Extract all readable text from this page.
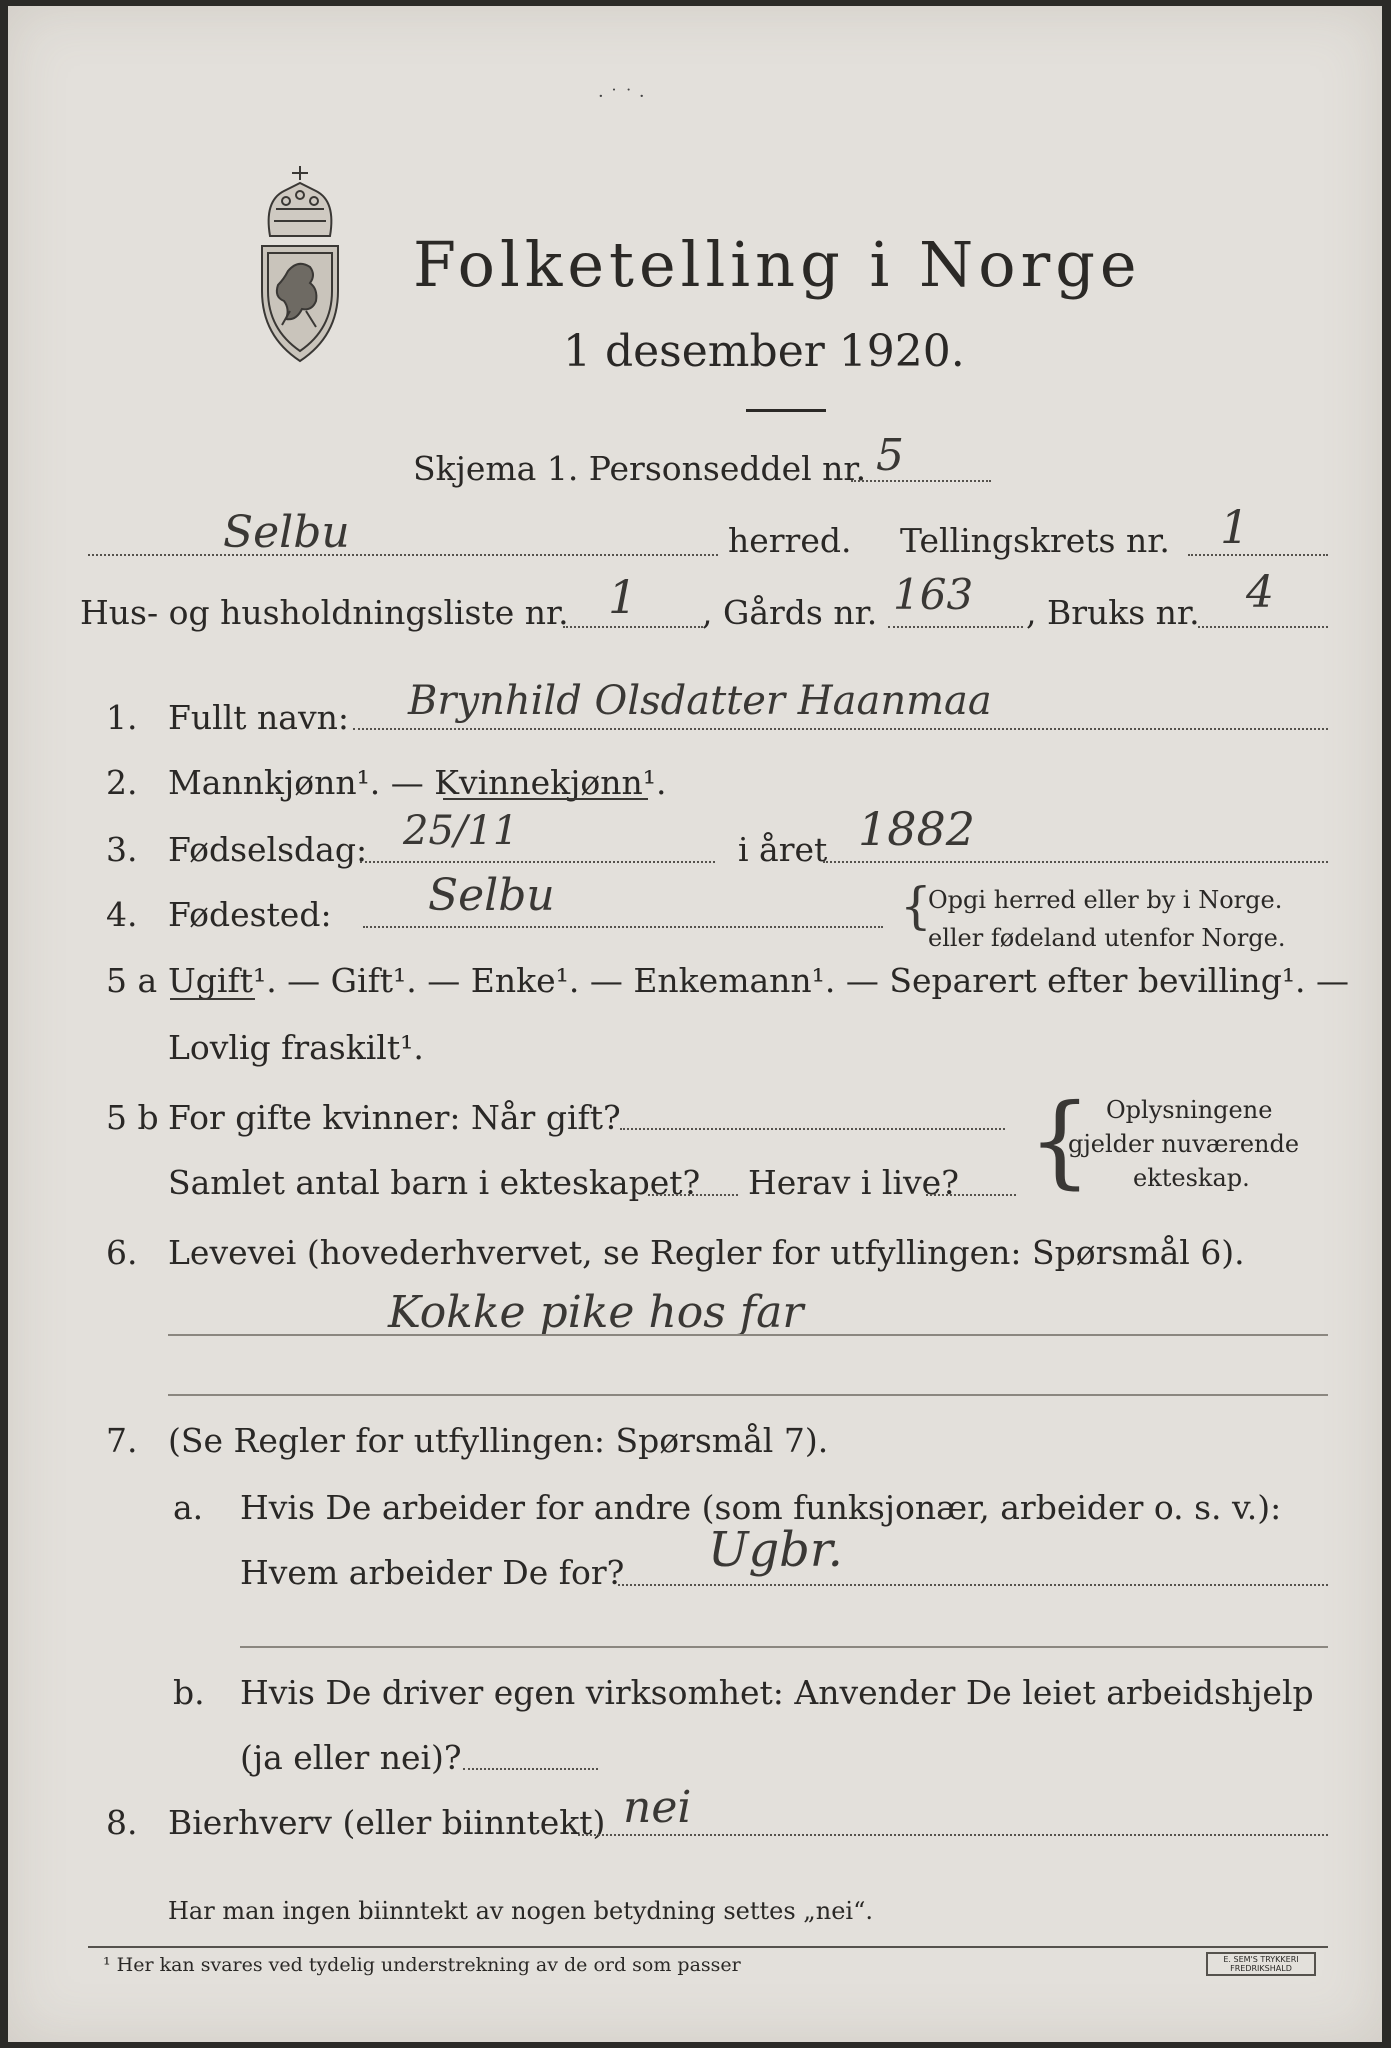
· ˙ ˙ ·
Folketelling i Norge
1 desember 1920.
Skjema 1. Personseddel nr. 5
Selbu	herred. Tellingskrets nr. 1
Hus- og husholdningsliste nr. 1 , Gårds nr. 163 , Bruks nr. 4
1. Fullt navn: Brynhild Olsdatter Haanmaa
2. Mannkjønn¹. — Kvinnekjønn¹.
3. Fødselsdag: 25/11	i året 1882
4. Fødested: Selbu	{
Opgi herred eller by i Norge.
eller fødeland utenfor Norge.
5 a Ugift¹. — Gift¹. — Enke¹. — Enkemann¹. — Separert efter bevilling¹. —
Lovlig fraskilt¹.
5 b For gifte kvinner: Når gift?
Samlet antal barn i ekteskapet? Herav i live? { Oplysningene
gjelder nuværende
ekteskap.
6. Levevei (hovederhvervet, se Regler for utfyllingen: Spørsmål 6).
Kokke pike hos far
7. (Se Regler for utfyllingen: Spørsmål 7).
a. Hvis De arbeider for andre (som funksjonær, arbeider o. s. v.):
Hvem arbeider De for? Ugbr.
b. Hvis De driver egen virksomhet: Anvender De leiet arbeidshjelp
(ja eller nei)?
8. Bierhverv (eller biinntekt) nei
Har man ingen biinntekt av nogen betydning settes „nei“.
¹ Her kan svares ved tydelig understrekning av de ord som passer	E. SEM'S TRYKKERI FREDRIKSHALD
